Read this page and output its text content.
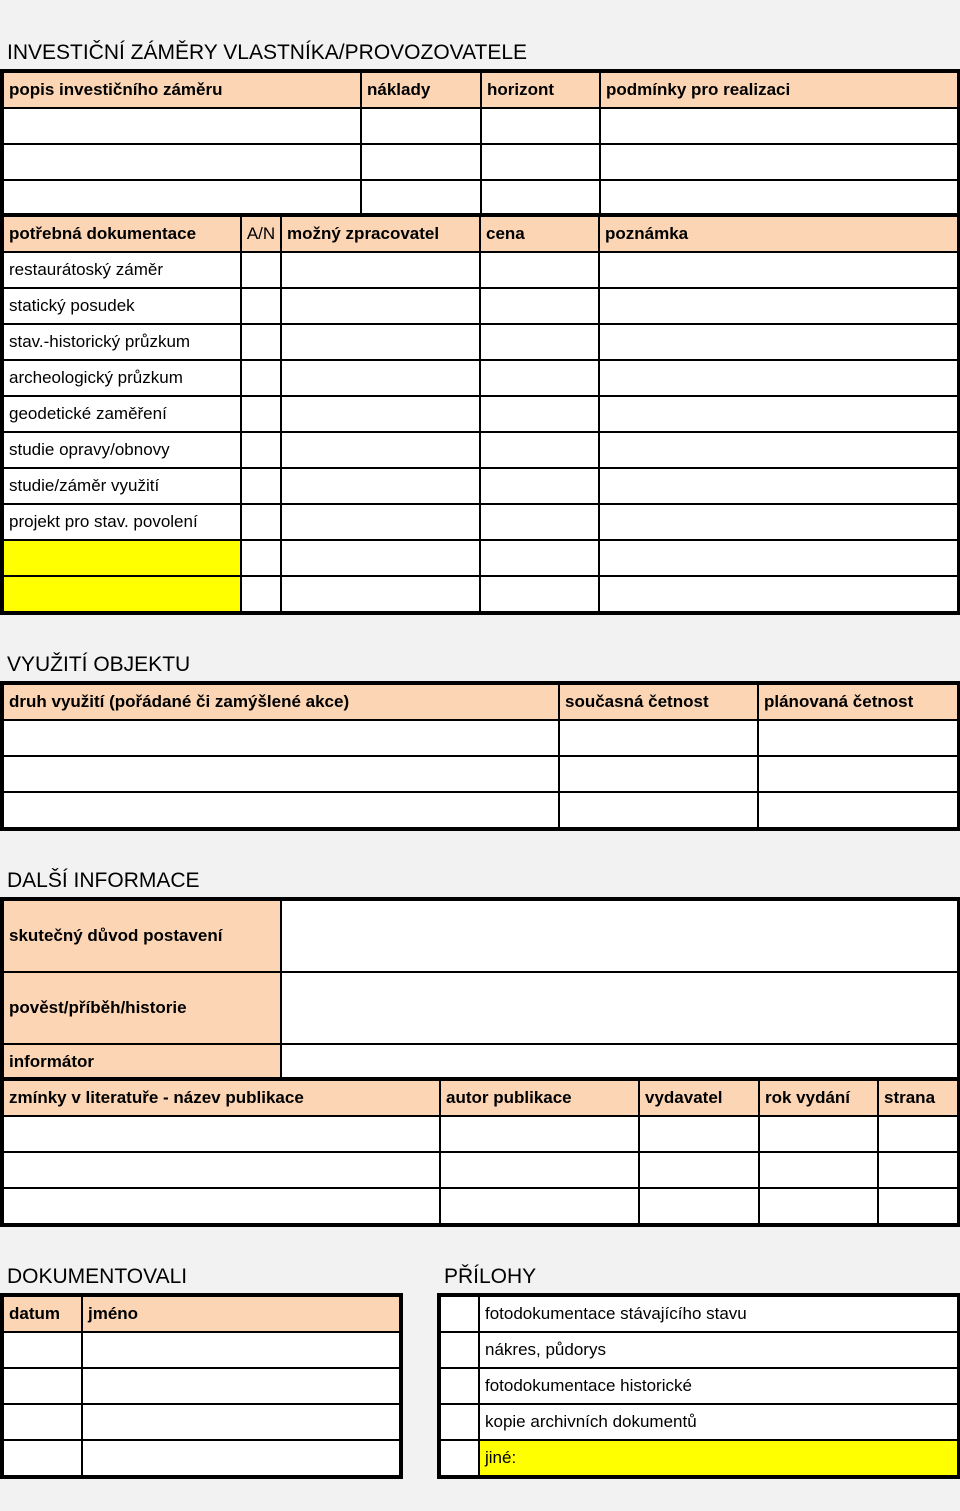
INVESTIČNÍ ZÁMĚRY VLASTNÍKA/PROVOZOVATELE
popis investičního záměru	náklady	horizont	podmínky pro realizaci

potřebná dokumentace	A/N	možný zpracovatel	cena	poznámka
restaurátoský záměr				
statický posudek				
stav.-historický průzkum				
archeologický průzkum				
geodetické zaměření				
studie opravy/obnovy				
studie/záměr využití				
projekt pro stav. povolení				

VYUŽITÍ OBJEKTU
druh využití (pořádané či zamýšlené akce)	současná četnost	plánovaná četnost

DALŠÍ INFORMACE
skutečný důvod postavení	
pověst/příběh/historie	
informátor	
zmínky v literatuře - název publikace	autor publikace	vydavatel	rok vydání	strana

DOKUMENTOVALI
datum	jméno

PŘÍLOHY
	fotodokumentace stávajícího stavu
	nákres, půdorys
	fotodokumentace historické
	kopie archivních dokumentů
	jiné:
